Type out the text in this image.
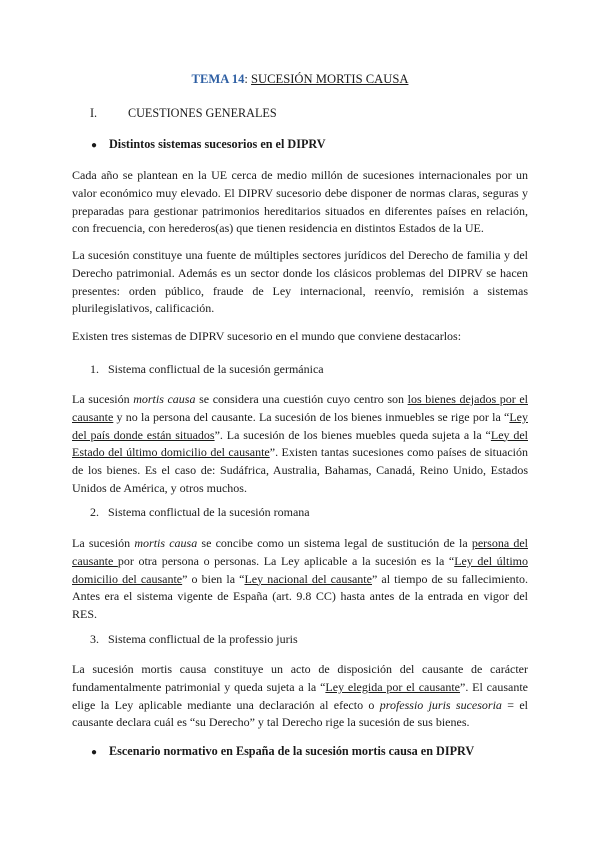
TEMA 14: SUCESIÓN MORTIS CAUSA
I.	CUESTIONES GENERALES
● Distintos sistemas sucesorios en el DIPRV
Cada año se plantean en la UE cerca de medio millón de sucesiones internacionales por un valor económico muy elevado. El DIPRV sucesorio debe disponer de normas claras, seguras y preparadas para gestionar patrimonios hereditarios situados en diferentes países en relación, con frecuencia, con herederos(as) que tienen residencia en distintos Estados de la UE.
La sucesión constituye una fuente de múltiples sectores jurídicos del Derecho de familia y del Derecho patrimonial. Además es un sector donde los clásicos problemas del DIPRV se hacen presentes: orden público, fraude de Ley internacional, reenvío, remisión a sistemas plurilegislativos, calificación.
Existen tres sistemas de DIPRV sucesorio en el mundo que conviene destacarlos:
1. Sistema conflictual de la sucesión germánica
La sucesión mortis causa se considera una cuestión cuyo centro son los bienes dejados por el causante y no la persona del causante. La sucesión de los bienes inmuebles se rige por la “Ley del país donde están situados”. La sucesión de los bienes muebles queda sujeta a la “Ley del Estado del último domicilio del causante”. Existen tantas sucesiones como países de situación de los bienes. Es el caso de: Sudáfrica, Australia, Bahamas, Canadá, Reino Unido, Estados Unidos de América, y otros muchos.
2. Sistema conflictual de la sucesión romana
La sucesión mortis causa se concibe como un sistema legal de sustitución de la persona del causante por otra persona o personas. La Ley aplicable a la sucesión es la “Ley del último domicilio del causante” o bien la “Ley nacional del causante” al tiempo de su fallecimiento. Antes era el sistema vigente de España (art. 9.8 CC) hasta antes de la entrada en vigor del RES.
3. Sistema conflictual de la professio juris
La sucesión mortis causa constituye un acto de disposición del causante de carácter fundamentalmente patrimonial y queda sujeta a la “Ley elegida por el causante”. El causante elige la Ley aplicable mediante una declaración al efecto o professio juris sucesoria = el causante declara cuál es “su Derecho” y tal Derecho rige la sucesión de sus bienes.
● Escenario normativo en España de la sucesión mortis causa en DIPRV
